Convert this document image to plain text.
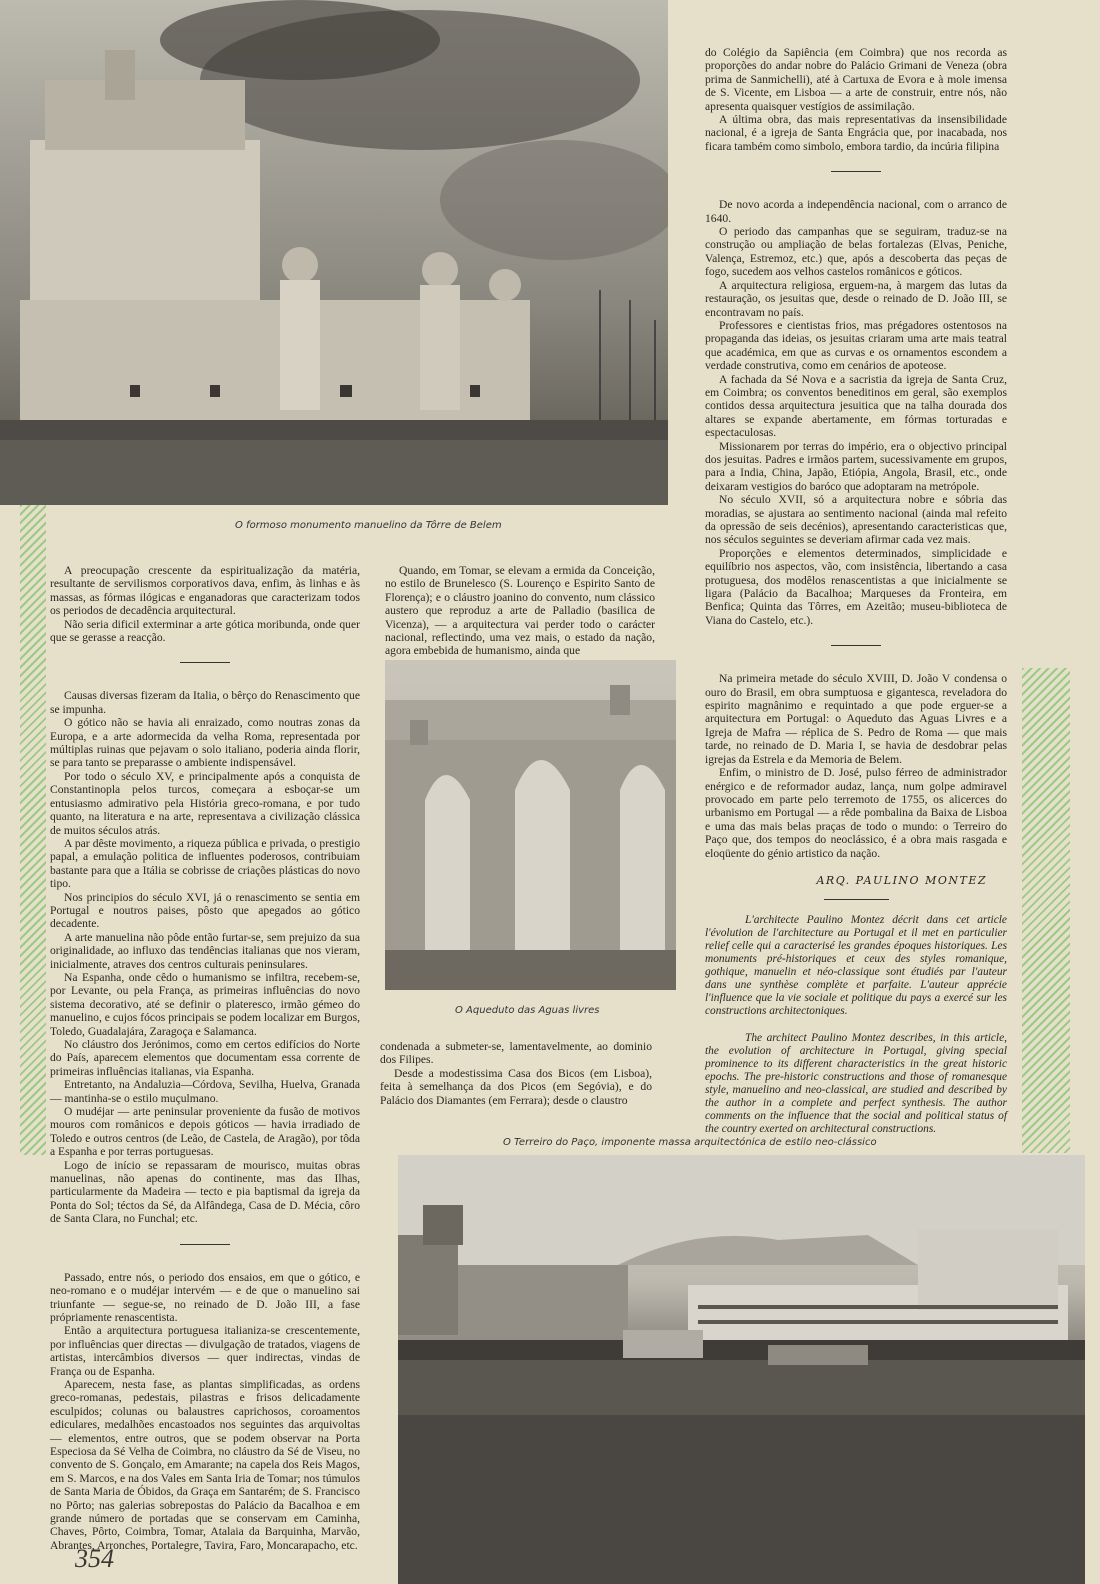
O formoso monumento manuelino da Tôrre de Belem

A preocupação crescente da espiritualização da matéria, resultante de servilismos corporativos dava, enfim, às linhas e às massas, as fórmas ilógicas e enganadoras que caracterizam todos os periodos de decadência arquitectural.

Não seria dificil exterminar a arte gótica moribunda, onde quer que se gerasse a reacção.

Causas diversas fizeram da Italia, o bêrço do Renascimento que se impunha.

O gótico não se havia ali enraizado, como noutras zonas da Europa, e a arte adormecida da velha Roma, representada por múltiplas ruinas que pejavam o solo italiano, poderia ainda florir, se para tanto se preparasse o ambiente indispensável.

Por todo o século XV, e principalmente após a conquista de Constantinopla pelos turcos, começara a esboçar-se um entusiasmo admirativo pela História greco-romana, e por tudo quanto, na literatura e na arte, representava a civilização clássica de muitos séculos atrás.

A par dêste movimento, a riqueza pública e privada, o prestigio papal, a emulação politica de influentes poderosos, contribuiam bastante para que a Itália se cobrisse de criações plásticas do novo tipo.

Nos principios do século XVI, já o renascimento se sentia em Portugal e noutros paises, pôsto que apegados ao gótico decadente.

A arte manuelina não pôde então furtar-se, sem prejuizo da sua originalidade, ao influxo das tendências italianas que nos vieram, inicialmente, atraves dos centros culturais peninsulares.

Na Espanha, onde cêdo o humanismo se infiltra, recebem-se, por Levante, ou pela França, as primeiras influências do novo sistema decorativo, até se definir o plateresco, irmão gémeo do manuelino, e cujos fócos principais se podem localizar em Burgos, Toledo, Guadalajára, Zaragoça e Salamanca.

No cláustro dos Jerónimos, como em certos edifícios do Norte do País, aparecem elementos que documentam essa corrente de primeiras influências italianas, via Espanha.

Entretanto, na Andaluzia—Córdova, Sevilha, Huelva, Granada — mantinha-se o estilo muçulmano.

O mudéjar — arte peninsular proveniente da fusão de motivos mouros com românicos e depois góticos — havia irradiado de Toledo e outros centros (de Leão, de Castela, de Aragão), por tôda a Espanha e por terras portuguesas.

Logo de início se repassaram de mourisco, muitas obras manuelinas, não apenas do continente, mas das Ilhas, particularmente da Madeira — tecto e pia baptismal da igreja da Ponta do Sol; téctos da Sé, da Alfândega, Casa de D. Mécia, côro de Santa Clara, no Funchal; etc.

Passado, entre nós, o periodo dos ensaios, em que o gótico, e neo-romano e o mudéjar intervém — e de que o manuelino sai triunfante — segue-se, no reinado de D. João III, a fase própriamente renascentista.

Então a arquitectura portuguesa italianiza-se crescentemente, por influências quer directas — divulgação de tratados, viagens de artistas, intercâmbios diversos — quer indirectas, vindas de França ou de Espanha.

Aparecem, nesta fase, as plantas simplificadas, as ordens greco-romanas, pedestais, pilastras e frisos delicadamente esculpidos; colunas ou balaustres caprichosos, coroamentos ediculares, medalhões encastoados nos seguintes das arquivoltas — elementos, entre outros, que se podem observar na Porta Especiosa da Sé Velha de Coimbra, no cláustro da Sé de Viseu, no convento de S. Gonçalo, em Amarante; na capela dos Reis Magos, em S. Marcos, e na dos Vales em Santa Iria de Tomar; nos túmulos de Santa Maria de Óbidos, da Graça em Santarém; de S. Francisco no Pôrto; nas galerias sobrepostas do Palácio da Bacalhoa e em grande número de portadas que se conservam em Caminha, Chaves, Pôrto, Coimbra, Tomar, Atalaia da Barquinha, Marvão, Abrantes, Arronches, Portalegre, Tavira, Faro, Moncarapacho, etc.

354

Quando, em Tomar, se elevam a ermida da Conceição, no estilo de Brunelesco (S. Lourenço e Espirito Santo de Florença); e o cláustro joanino do convento, num clássico austero que reproduz a arte de Palladio (basilica de Vicenza), — a arquitectura vai perder todo o carácter nacional, reflectindo, uma vez mais, o estado da nação, agora embebida de humanismo, ainda que

O Aqueduto das Aguas livres

condenada a submeter-se, lamentavelmente, ao dominio dos Filipes.

Desde a modestissima Casa dos Bicos (em Lisboa), feita à semelhança da dos Picos (em Segóvia), e do Palácio dos Diamantes (em Ferrara); desde o claustro

do Colégio da Sapiência (em Coimbra) que nos recorda as proporções do andar nobre do Palácio Grimani de Veneza (obra prima de Sanmichelli), até à Cartuxa de Evora e à mole imensa de S. Vicente, em Lisboa — a arte de construir, entre nós, não apresenta quaisquer vestígios de assimilação.

A última obra, das mais representativas da insensibilidade nacional, é a igreja de Santa Engrácia que, por inacabada, nos ficara também como simbolo, embora tardio, da incúria filipina

De novo acorda a independência nacional, com o arranco de 1640.

O periodo das campanhas que se seguiram, traduz-se na construção ou ampliação de belas fortalezas (Elvas, Peniche, Valença, Estremoz, etc.) que, após a descoberta das peças de fogo, sucedem aos velhos castelos românicos e góticos.

A arquitectura religiosa, erguem-na, à margem das lutas da restauração, os jesuitas que, desde o reinado de D. João III, se encontravam no país.

Professores e cientistas frios, mas prégadores ostentosos na propaganda das ideias, os jesuitas criaram uma arte mais teatral que académica, em que as curvas e os ornamentos escondem a verdade construtiva, como em cenários de apoteose.

A fachada da Sé Nova e a sacristia da igreja de Santa Cruz, em Coimbra; os conventos beneditinos em geral, são exemplos contidos dessa arquitectura jesuitica que na talha dourada dos altares se expande abertamente, em fórmas torturadas e espectaculosas.

Missionarem por terras do império, era o objectivo principal dos jesuitas. Padres e irmãos partem, sucessivamente em grupos, para a India, China, Japão, Etiópia, Angola, Brasil, etc., onde deixaram vestigios do baróco que adoptaram na metrópole.

No século XVII, só a arquitectura nobre e sóbria das moradias, se ajustara ao sentimento nacional (ainda mal refeito da opressão de seis decénios), apresentando caracteristicas que, nos séculos seguintes se deveriam afirmar cada vez mais.

Proporções e elementos determinados, simplicidade e equilíbrio nos aspectos, vão, com insistência, libertando a casa protuguesa, dos modêlos renascentistas a que inicialmente se ligara (Palácio da Bacalhoa; Marqueses da Fronteira, em Benfica; Quinta das Tôrres, em Azeitão; museu-biblioteca de Viana do Castelo, etc.).

Na primeira metade do século XVIII, D. João V condensa o ouro do Brasil, em obra sumptuosa e gigantesca, reveladora do espirito magnânimo e requintado a que pode erguer-se a arquitectura em Portugal: o Aqueduto das Aguas Livres e a Igreja de Mafra — réplica de S. Pedro de Roma — que mais tarde, no reinado de D. Maria I, se havia de desdobrar pelas igrejas da Estrela e da Memoria de Belem.

Enfim, o ministro de D. José, pulso férreo de administrador enérgico e de reformador audaz, lança, num golpe admiravel provocado em parte pelo terremoto de 1755, os alicerces do urbanismo em Portugal — a rêde pombalina da Baixa de Lisboa e uma das mais belas praças de todo o mundo: o Terreiro do Paço que, dos tempos do neoclássico, é a obra mais rasgada e eloqüente do génio artistico da nação.

ARQ. PAULINO MONTEZ

L'architecte Paulino Montez décrit dans cet article l'évolution de l'architecture au Portugal et il met en particulier relief celle qui a caracterisé les grandes époques historiques. Les monuments pré-historiques et ceux des styles romanique, gothique, manuelin et néo-classique sont étudiés par l'auteur dans une synthèse complète et parfaite. L'auteur apprécie l'influence que la vie sociale et politique du pays a exercé sur les constructions architectoniques.

The architect Paulino Montez describes, in this article, the evolution of architecture in Portugal, giving special prominence to its different characteristics in the great historic epochs. The pre-historic constructions and those of romanesque style, manuelino and neo-classical, are studied and described by the author in a complete and perfect synthesis. The author comments on the influence that the social and political status of the country exerted on architectural constructions.

O Terreiro do Paço, imponente massa arquitectónica de estilo neo-clássico
